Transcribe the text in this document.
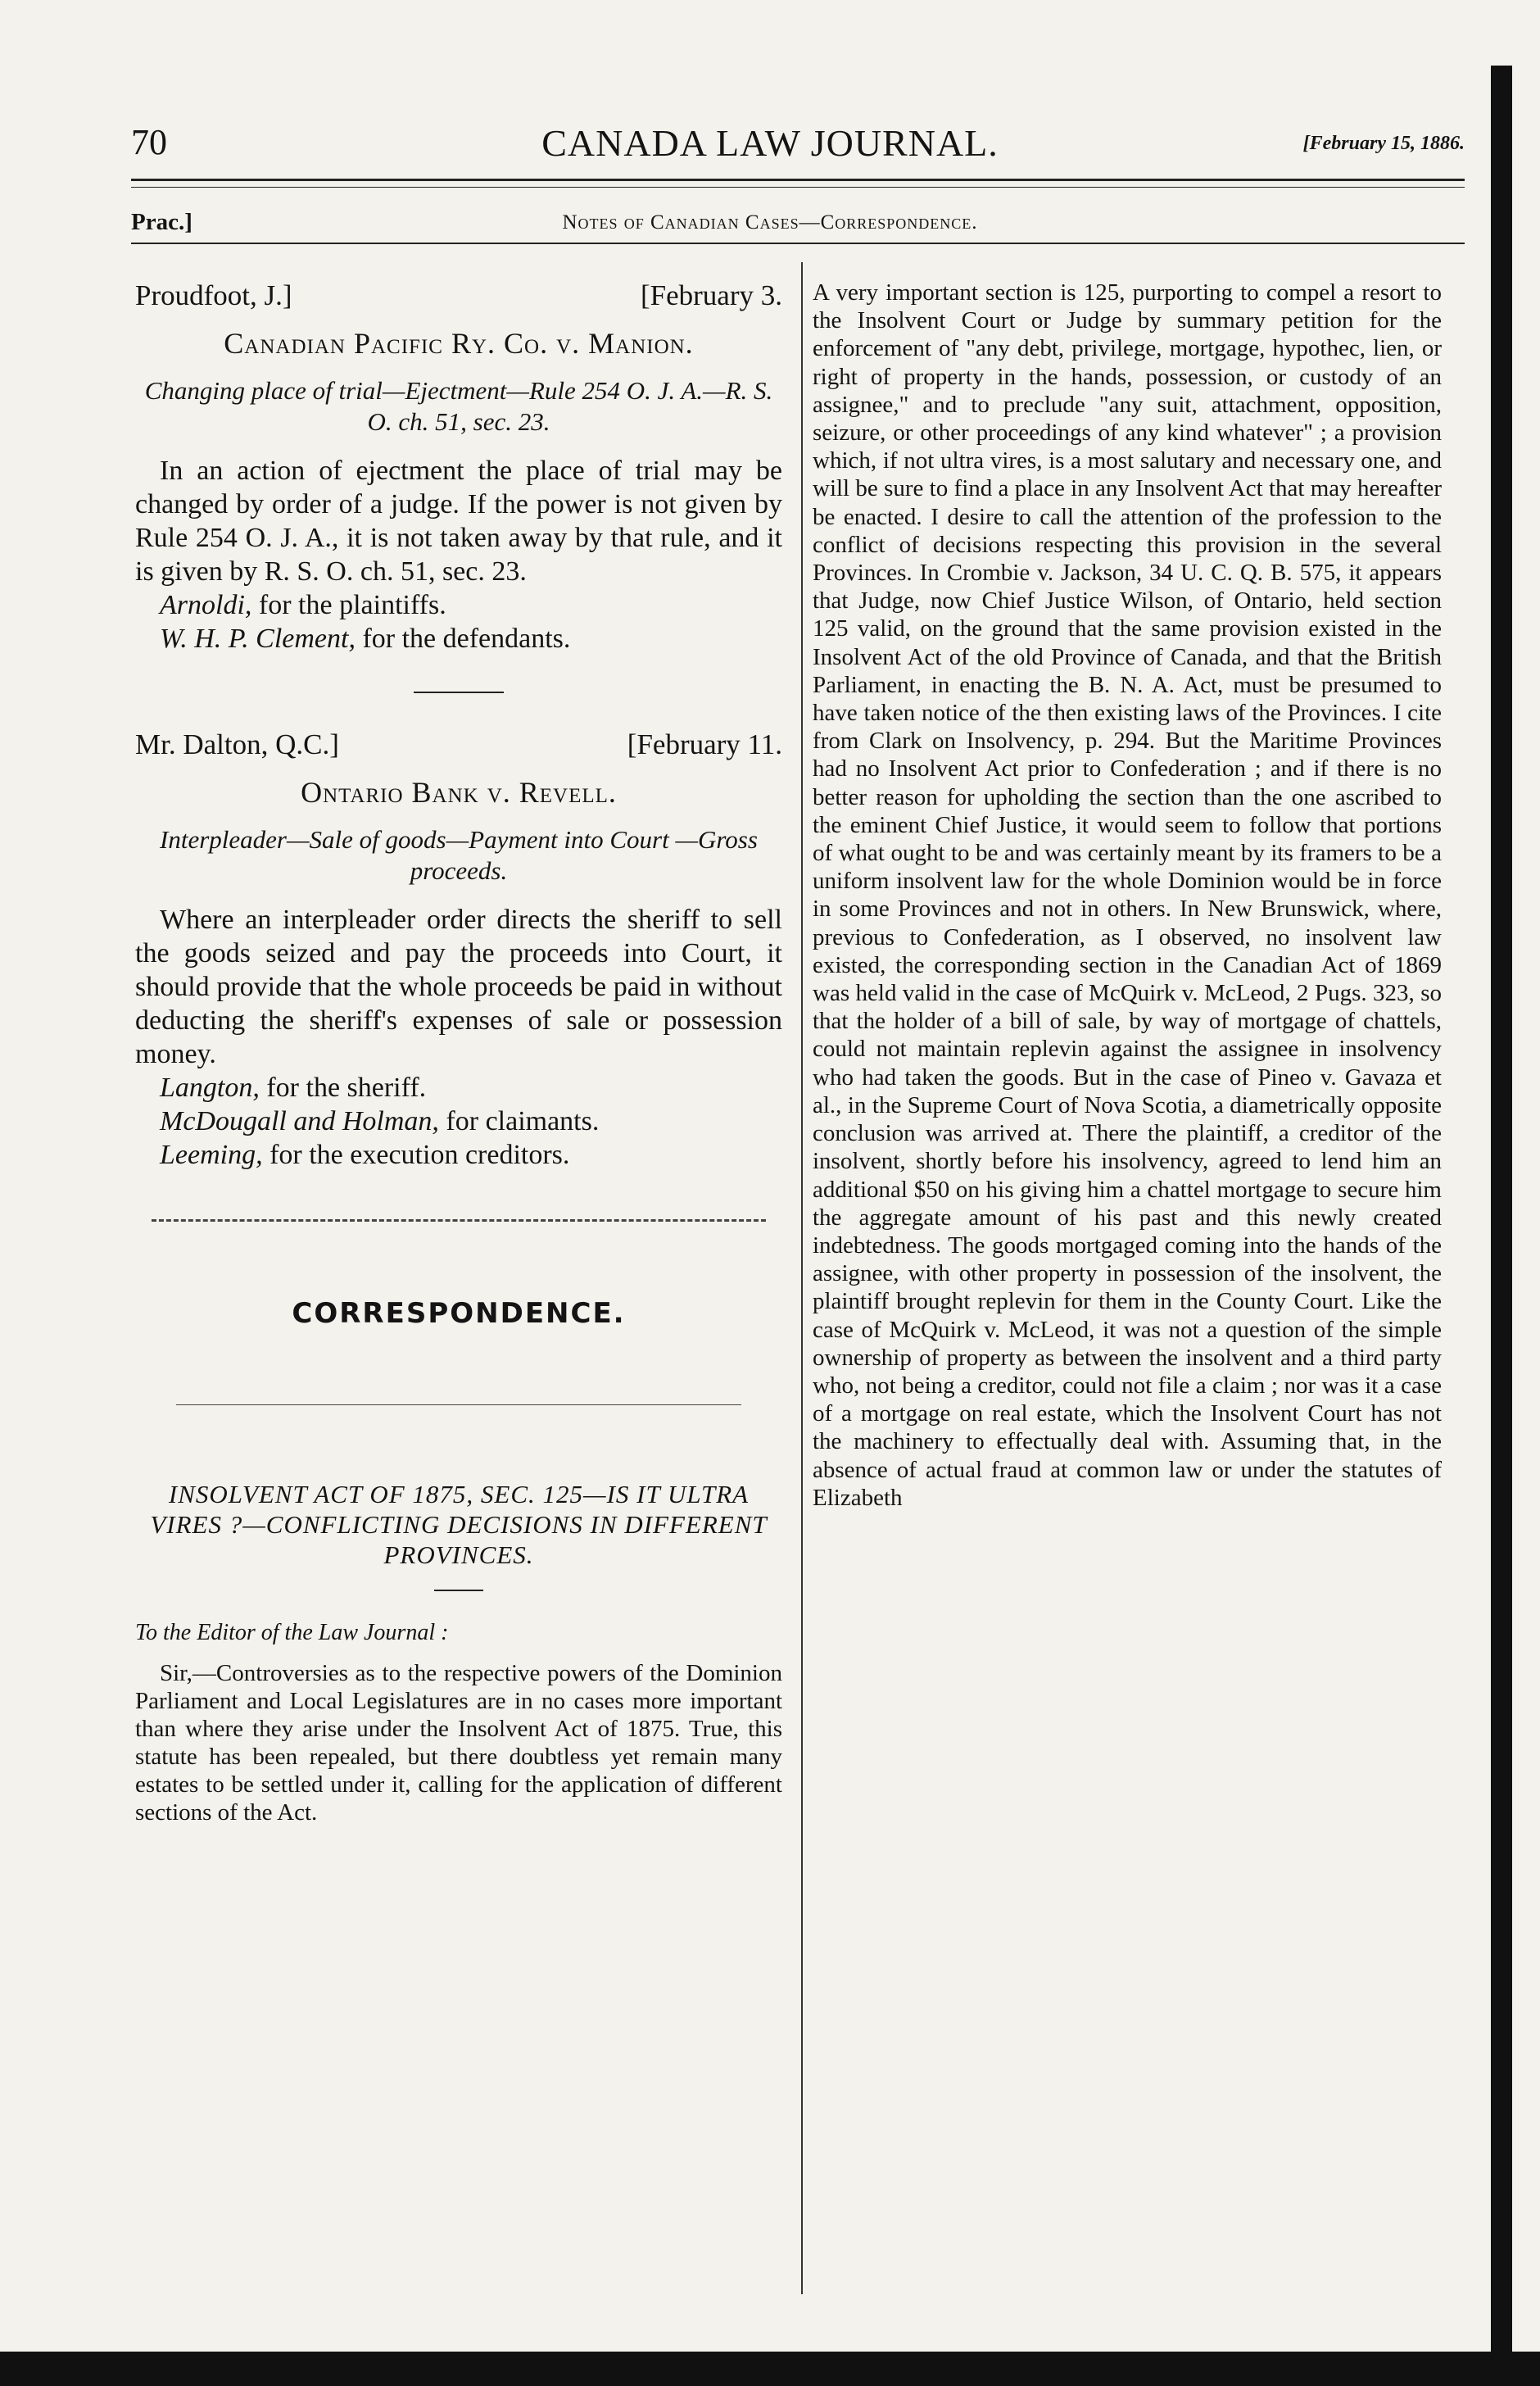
70	CANADA LAW JOURNAL.	[February 15, 1886.
Prac.]	Notes of Canadian Cases—Correspondence.
Proudfoot, J.]	[February 3.
Canadian Pacific Ry. Co. v. Manion.
Changing place of trial—Ejectment—Rule 254 O. J. A.—R. S. O. ch. 51, sec. 23.

In an action of ejectment the place of trial may be changed by order of a judge. If the power is not given by Rule 254 O. J. A., it is not taken away by that rule, and it is given by R. S. O. ch. 51, sec. 23.

Arnoldi, for the plaintiffs.
W. H. P. Clement, for the defendants.
Mr. Dalton, Q.C.]	[February 11.
Ontario Bank v. Revell.
Interpleader—Sale of goods—Payment into Court —Gross proceeds.

Where an interpleader order directs the sheriff to sell the goods seized and pay the proceeds into Court, it should provide that the whole proceeds be paid in without deducting the sheriff's expenses of sale or possession money.

Langton, for the sheriff.
McDougall and Holman, for claimants.
Leeming, for the execution creditors.
CORRESPONDENCE.
INSOLVENT ACT OF 1875, SEC. 125—IS IT ULTRA VIRES ?—CONFLICTING DECISIONS IN DIFFERENT PROVINCES.

To the Editor of the Law Journal :

Sir,—Controversies as to the respective powers of the Dominion Parliament and Local Legislatures are in no cases more important than where they arise under the Insolvent Act of 1875. True, this statute has been repealed, but there doubtless yet remain many estates to be settled under it, calling for the application of different sections of the Act.

A very important section is 125, purporting to compel a resort to the Insolvent Court or Judge by summary petition for the enforcement of "any debt, privilege, mortgage, hypothec, lien, or right of property in the hands, possession, or custody of an assignee," and to preclude "any suit, attachment, opposition, seizure, or other proceedings of any kind whatever" ; a provision which, if not ultra vires, is a most salutary and necessary one, and will be sure to find a place in any Insolvent Act that may hereafter be enacted. I desire to call the attention of the profession to the conflict of decisions respecting this provision in the several Provinces. In Crombie v. Jackson, 34 U. C. Q. B. 575, it appears that Judge, now Chief Justice Wilson, of Ontario, held section 125 valid, on the ground that the same provision existed in the Insolvent Act of the old Province of Canada, and that the British Parliament, in enacting the B. N. A. Act, must be presumed to have taken notice of the then existing laws of the Provinces. I cite from Clark on Insolvency, p. 294. But the Maritime Provinces had no Insolvent Act prior to Confederation ; and if there is no better reason for upholding the section than the one ascribed to the eminent Chief Justice, it would seem to follow that portions of what ought to be and was certainly meant by its framers to be a uniform insolvent law for the whole Dominion would be in force in some Provinces and not in others. In New Brunswick, where, previous to Confederation, as I observed, no insolvent law existed, the corresponding section in the Canadian Act of 1869 was held valid in the case of McQuirk v. McLeod, 2 Pugs. 323, so that the holder of a bill of sale, by way of mortgage of chattels, could not maintain replevin against the assignee in insolvency who had taken the goods. But in the case of Pineo v. Gavaza et al., in the Supreme Court of Nova Scotia, a diametrically opposite conclusion was arrived at. There the plaintiff, a creditor of the insolvent, shortly before his insolvency, agreed to lend him an additional $50 on his giving him a chattel mortgage to secure him the aggregate amount of his past and this newly created indebtedness. The goods mortgaged coming into the hands of the assignee, with other property in possession of the insolvent, the plaintiff brought replevin for them in the County Court. Like the case of McQuirk v. McLeod, it was not a question of the simple ownership of property as between the insolvent and a third party who, not being a creditor, could not file a claim ; nor was it a case of a mortgage on real estate, which the Insolvent Court has not the machinery to effectually deal with. Assuming that, in the absence of actual fraud at common law or under the statutes of Elizabeth
